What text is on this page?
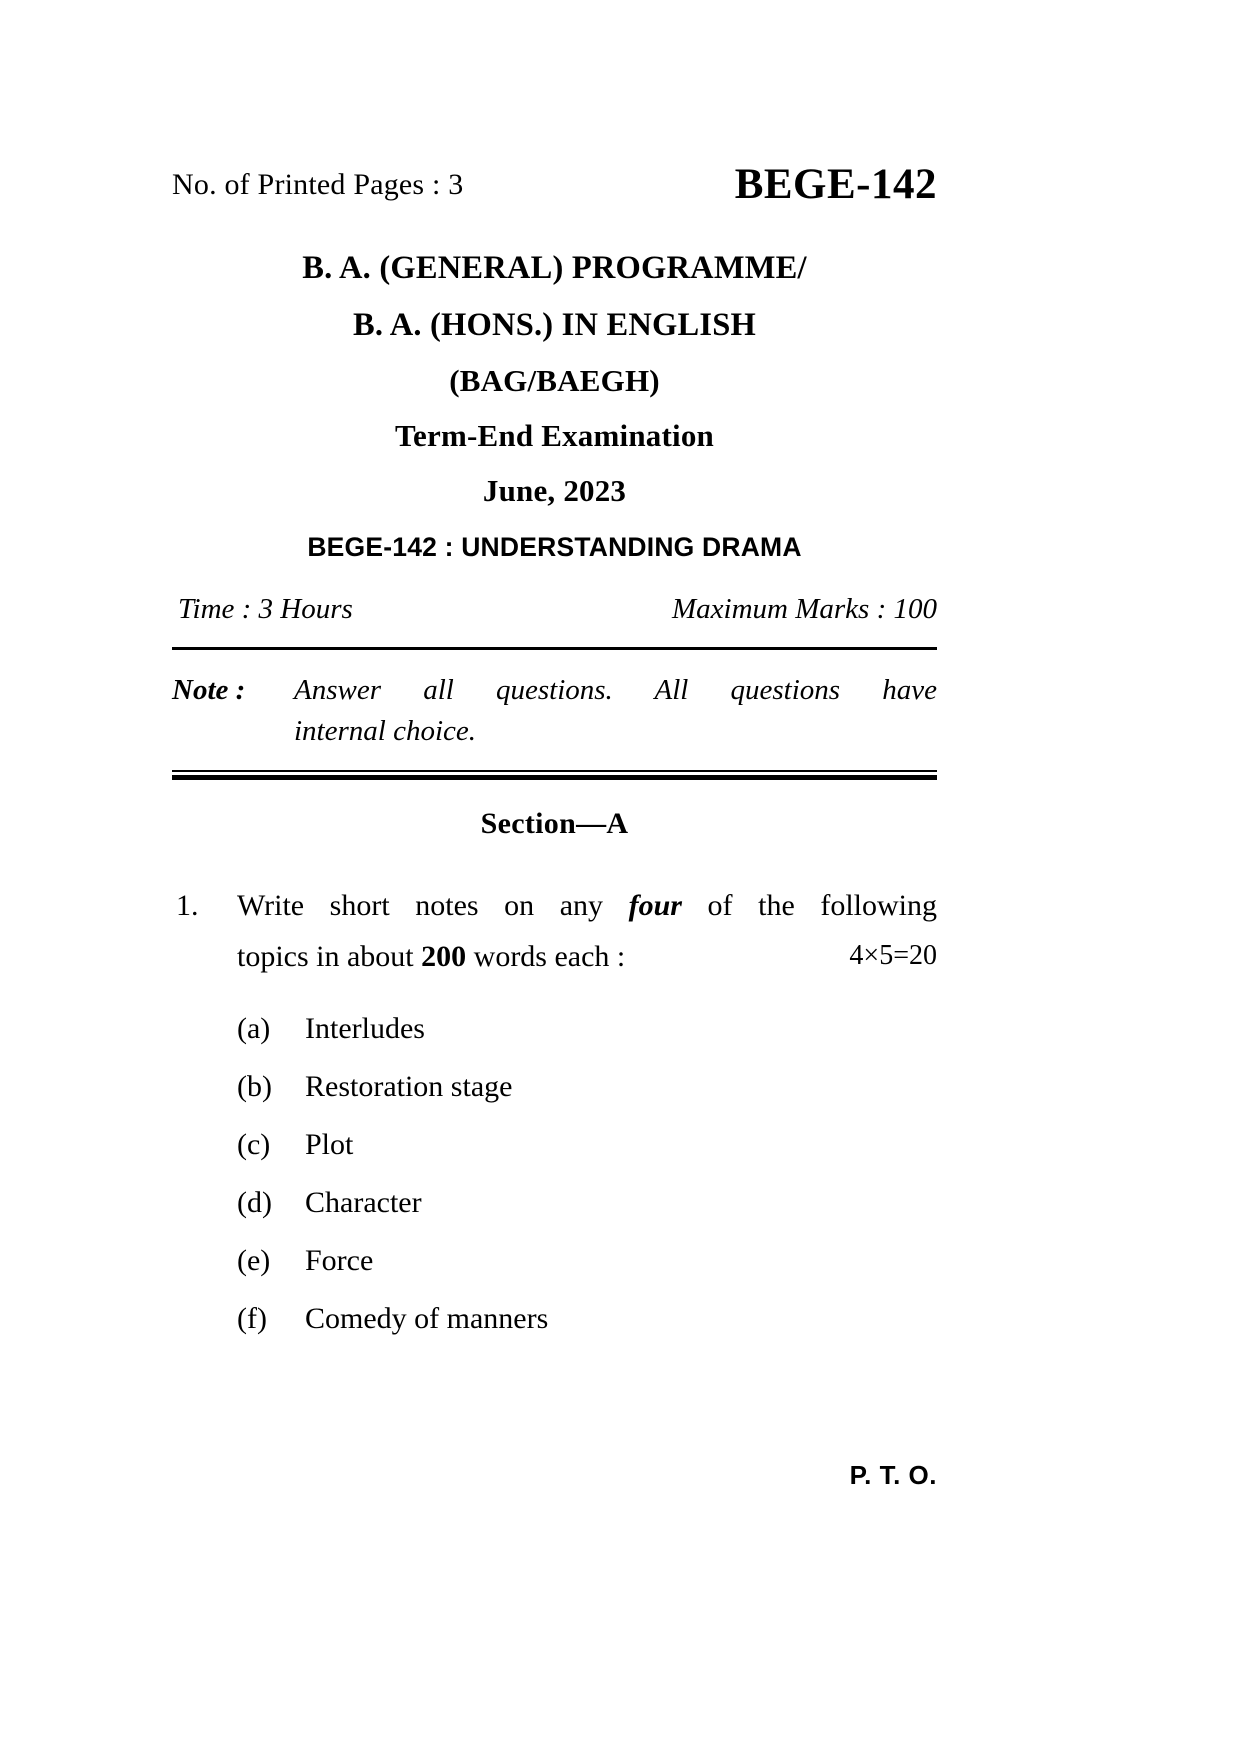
No. of Printed Pages : 3	BEGE-142
B. A. (GENERAL) PROGRAMME/
B. A. (HONS.) IN ENGLISH
(BAG/BAEGH)
Term-End Examination
June, 2023
BEGE-142 : UNDERSTANDING DRAMA
Time : 3 Hours	Maximum Marks : 100
Note : Answer all questions. All questions have
internal choice.
Section—A
1. Write short notes on any four of the following
topics in about 200 words each :	4×5=20
(a)	Interludes
(b)	Restoration stage
(c)	Plot
(d)	Character
(e)	Force
(f)	Comedy of manners
P. T. O.
